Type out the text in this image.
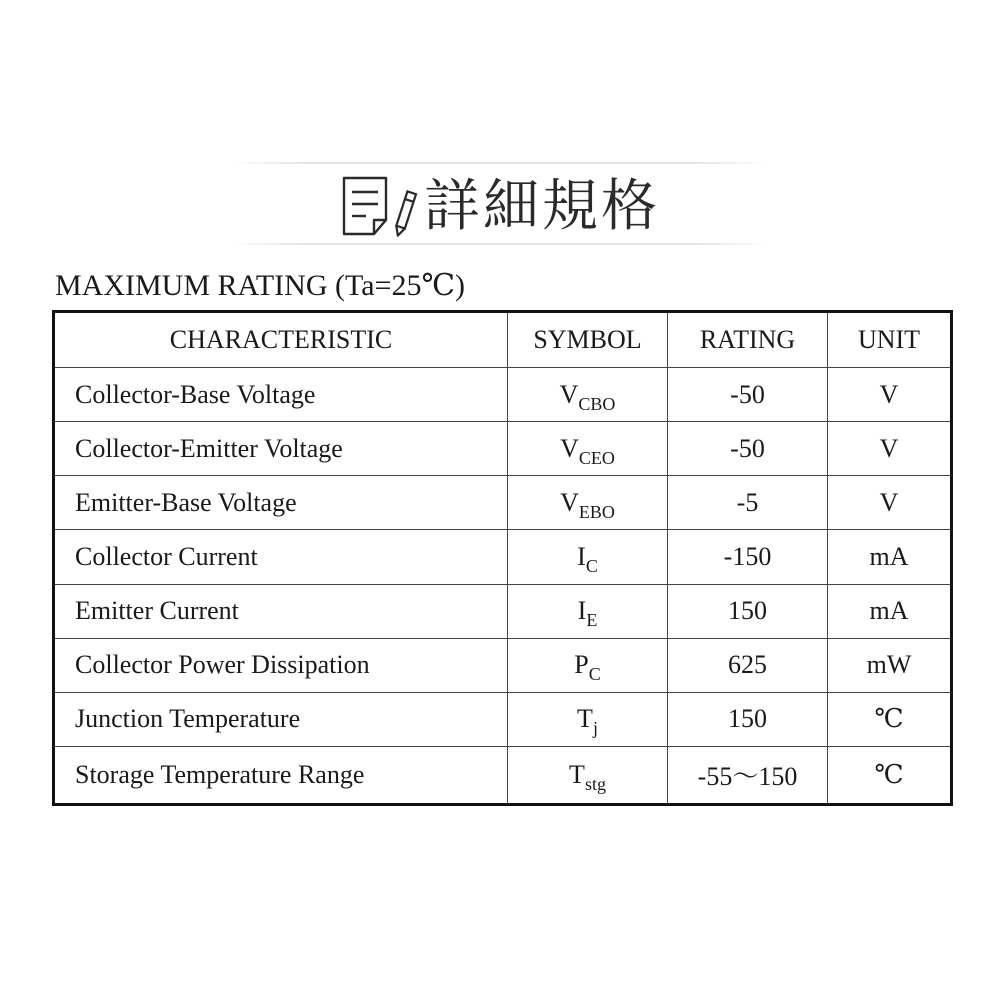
詳細規格
MAXIMUM RATING (Ta=25℃)
CHARACTERISTIC	SYMBOL	RATING	UNIT
Collector-Base Voltage	$V_{CBO}$	-50	V
Collector-Emitter Voltage	$V_{CEO}$	-50	V
Emitter-Base Voltage	$V_{EBO}$	-5	V
Collector Current	$I_C$	-150	mA
Emitter Current	$I_E$	150	mA
Collector Power Dissipation	$P_C$	625	mW
Junction Temperature	$T_j$	150	℃
Storage Temperature Range	$T_{stg}$	-55～150	℃
